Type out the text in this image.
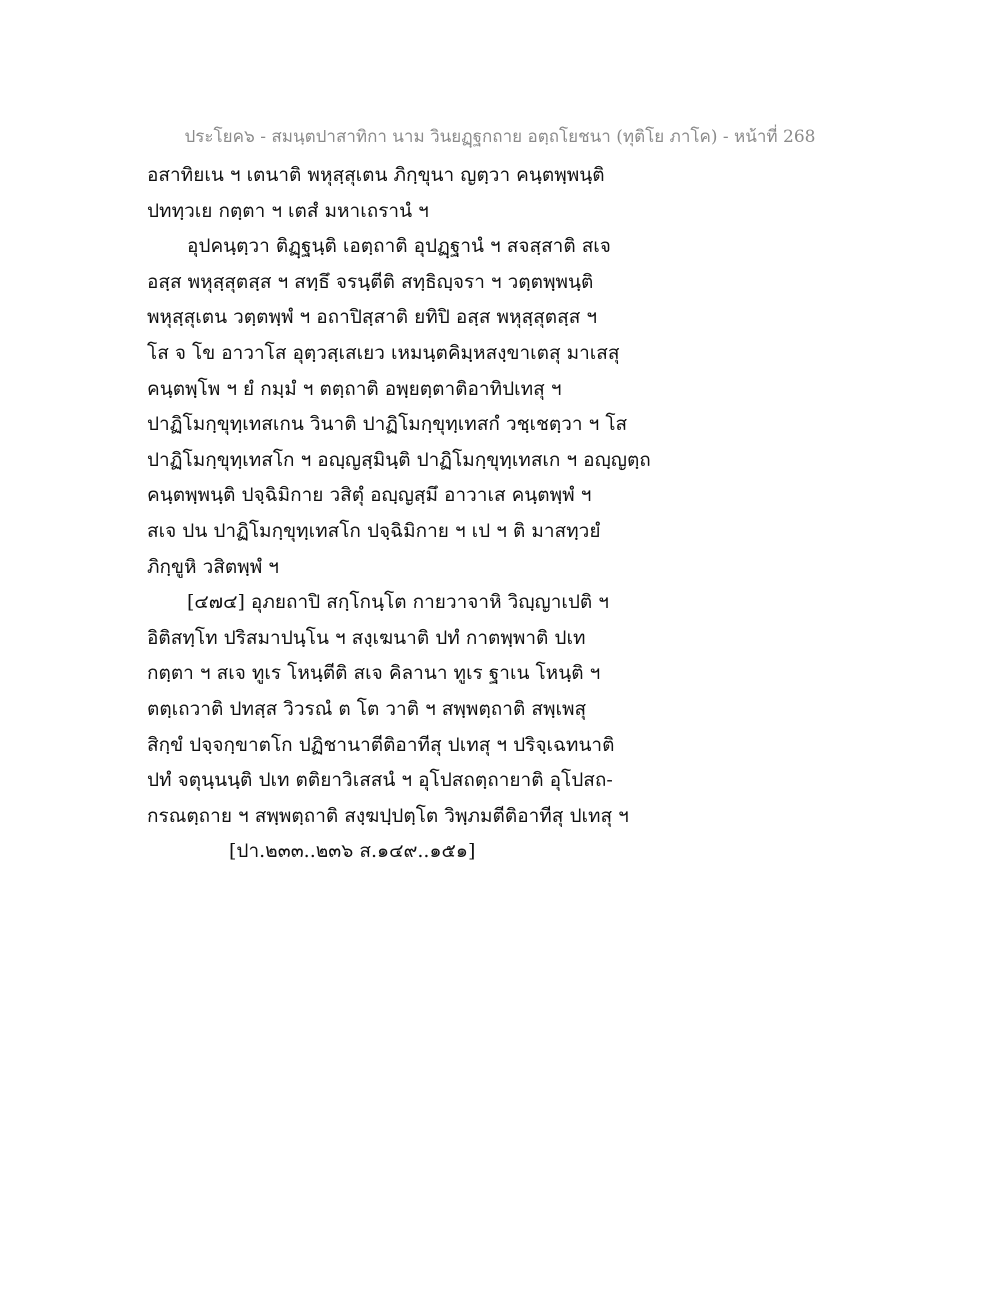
ประโยค๖ - สมนฺตปาสาทิกา นาม วินยฏฺฐกถาย อตฺถโยชนา (ทุติโย ภาโค) - หน้าที่ 268
อสาทิยเน ฯ เตนาติ พหุสฺสุเตน ภิกฺขุนา ญตฺวา คนฺตพฺพนฺติ
ปททฺวเย กตฺตา ฯ เตสํ มหาเถรานํ ฯ
อุปคนฺตฺวา ติฏฺฐนฺติ เอตฺถาติ อุปฏฺฐานํ ฯ สจสฺสาติ สเจ
อสฺส พหุสฺสุตสฺส ฯ สทฺธึ จรนฺตีติ สทฺธิญฺจรา ฯ วตฺตพฺพนฺติ
พหุสฺสุเตน วตฺตพฺพํ ฯ อถาปิสฺสาติ ยทิปิ อสฺส พหุสฺสุตสฺส ฯ
โส จ โข อาวาโส อุตฺวสฺเสเยว เหมนฺตคิมฺหสงฺขาเตสุ มาเสสุ
คนฺตพฺโพ ฯ ยํ กมฺมํ ฯ ตตฺถาติ อพฺยตฺตาติอาทิปเทสุ ฯ
ปาฏิโมกฺขุทฺเทสเกน วินาติ ปาฏิโมกฺขุทฺเทสกํ วชฺเชตฺวา ฯ โส
ปาฏิโมกฺขุทฺเทสโก ฯ อญฺญสฺมินฺติ ปาฏิโมกฺขุทฺเทสเก ฯ อญฺญตฺถ
คนฺตพฺพนฺติ ปจฺฉิมิกาย วสิตุํ อญฺญสฺมึ อาวาเส คนฺตพฺพํ ฯ
สเจ ปน ปาฏิโมกฺขุทฺเทสโก ปจฺฉิมิกาย ฯ เป ฯ ติ มาสทฺวยํ
ภิกฺขูหิ วสิตพฺพํ ฯ
[๔๗๔] อุภยถาปิ สกฺโกนฺโต กายวาจาหิ วิญฺญาเปติ ฯ
อิติสทฺโท ปริสมาปนฺโน ฯ สงฺเฆนาติ ปทํ กาตพฺพาติ ปเท
กตฺตา ฯ สเจ ทูเร โหนฺตีติ สเจ คิลานา ทูเร ฐาเน โหนฺติ ฯ
ตตฺเถวาติ ปทสฺส วิวรณํ ต โต วาติ ฯ สพฺพตฺถาติ สพฺเพสุ
สิกฺขํ ปจฺจกฺขาตโก ปฏิชานาตีติอาทีสุ ปเทสุ ฯ ปริจฺเฉทนาติ
ปทํ จตุนฺนนฺติ ปเท ตติยาวิเสสนํ ฯ อุโปสถตฺถายาติ อุโปสถ-
กรณตฺถาย ฯ สพฺพตฺถาติ สงฺฆปฺปตฺโต วิพฺภมตีติอาทีสุ ปเทสุ ฯ
[ปา.๒๓๓..๒๓๖ ส.๑๔๙..๑๕๑]
